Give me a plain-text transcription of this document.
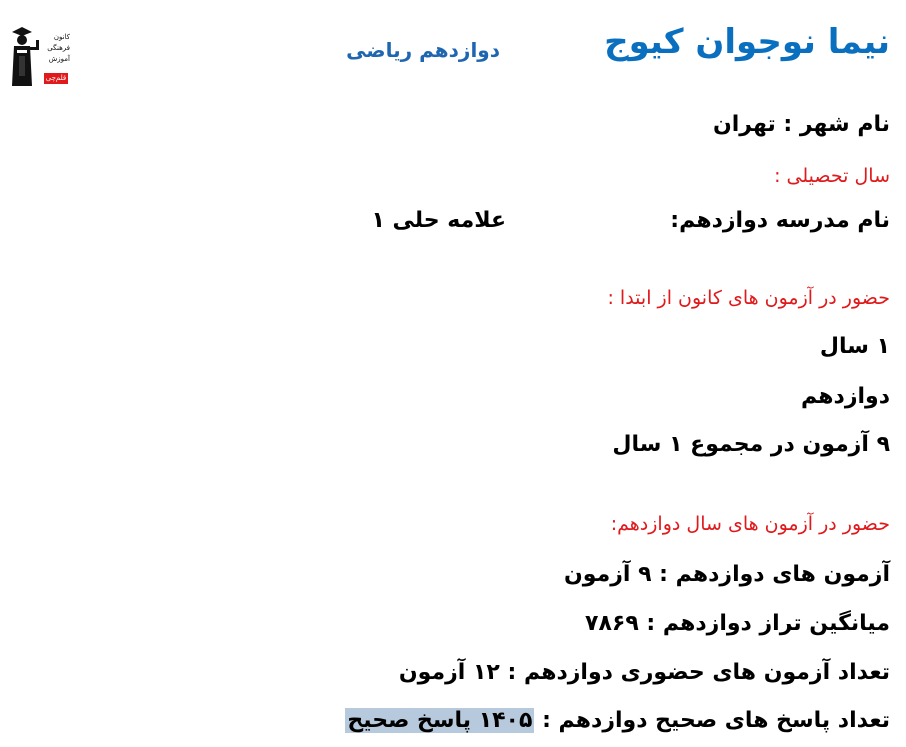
کانون
فرهنگی
آموزش
قلم‌چی
نیما نوجوان کیوج
دوازدهم ریاضی
نام شهر : تهران
سال تحصیلی :
نام مدرسه دوازدهم:
علامه حلی ۱
حضور در آزمون های کانون از ابتدا :
۱ سال
دوازدهم
۹ آزمون در مجموع ۱ سال
حضور در آزمون های سال دوازدهم:
آزمون های دوازدهم : ۹ آزمون
میانگین تراز دوازدهم : ۷۸۶۹
تعداد آزمون های حضوری دوازدهم : ۱۲ آزمون
تعداد پاسخ های صحیح دوازدهم : ۱۴۰۵ پاسخ صحیح
